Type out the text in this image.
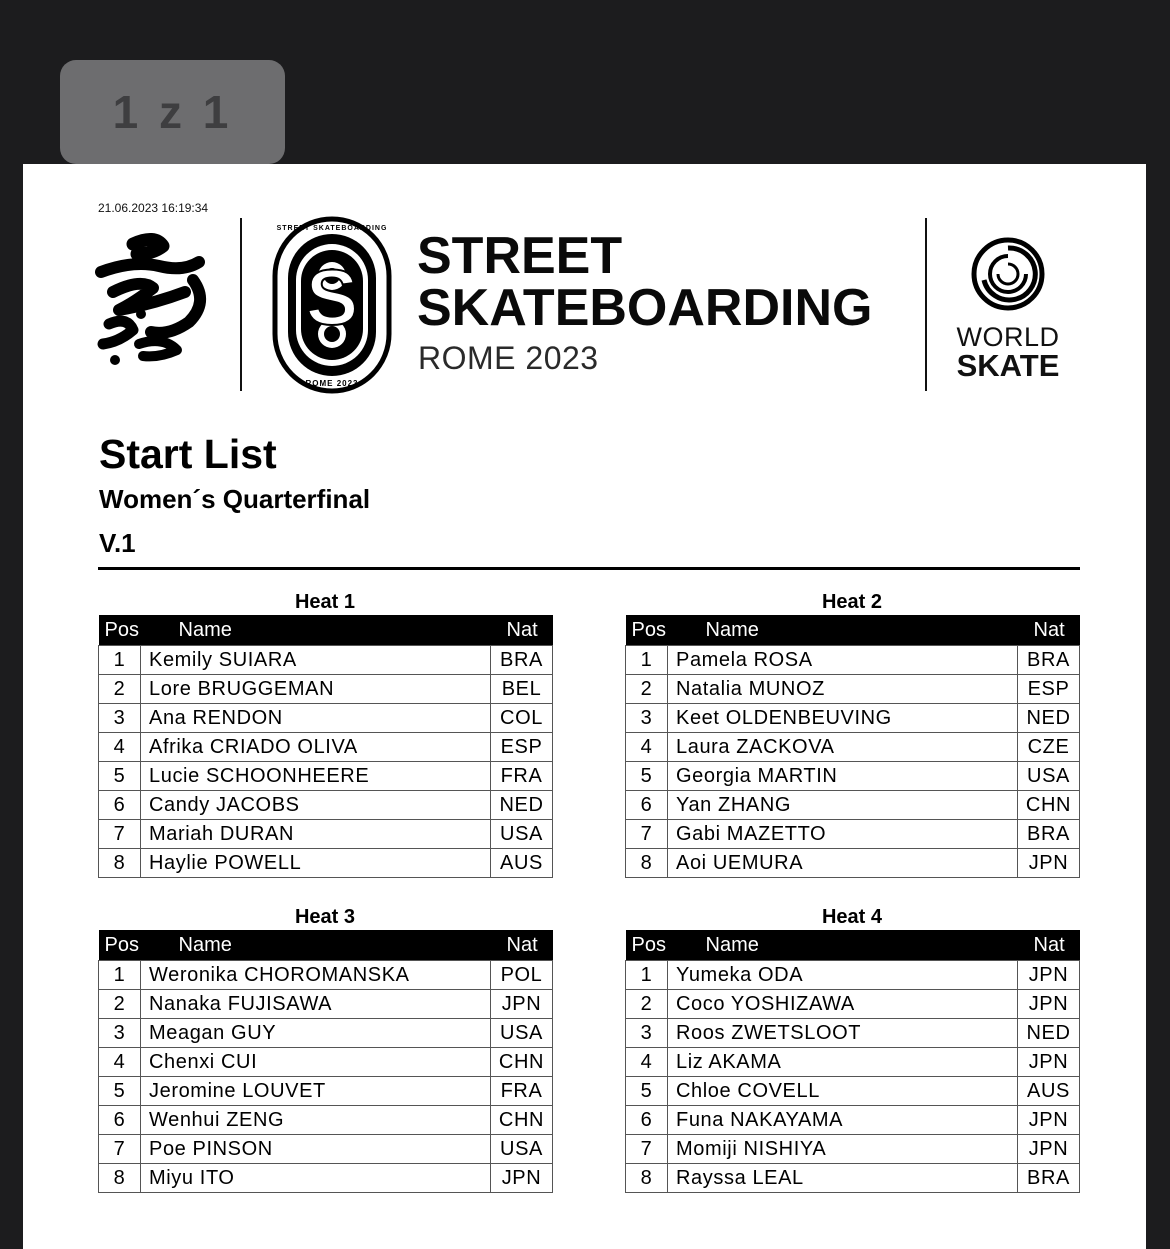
1 z 1
21.06.2023 16:19:34
S
STREET SKATEBOARDING
ROME 2023
STREET
SKATEBOARDING
ROME 2023
WORLD
SKATE
Start List
Women´s Quarterfinal
V.1
Heat 1
Pos	Name	Nat
1	Kemily SUIARA	BRA
2	Lore BRUGGEMAN	BEL
3	Ana RENDON	COL
4	Afrika CRIADO OLIVA	ESP
5	Lucie SCHOONHEERE	FRA
6	Candy JACOBS	NED
7	Mariah DURAN	USA
8	Haylie POWELL	AUS
Heat 2
Pos	Name	Nat
1	Pamela ROSA	BRA
2	Natalia MUNOZ	ESP
3	Keet OLDENBEUVING	NED
4	Laura ZACKOVA	CZE
5	Georgia MARTIN	USA
6	Yan ZHANG	CHN
7	Gabi MAZETTO	BRA
8	Aoi UEMURA	JPN
Heat 3
Pos	Name	Nat
1	Weronika CHOROMANSKA	POL
2	Nanaka FUJISAWA	JPN
3	Meagan GUY	USA
4	Chenxi CUI	CHN
5	Jeromine LOUVET	FRA
6	Wenhui ZENG	CHN
7	Poe PINSON	USA
8	Miyu ITO	JPN
Heat 4
Pos	Name	Nat
1	Yumeka ODA	JPN
2	Coco YOSHIZAWA	JPN
3	Roos ZWETSLOOT	NED
4	Liz AKAMA	JPN
5	Chloe COVELL	AUS
6	Funa NAKAYAMA	JPN
7	Momiji NISHIYA	JPN
8	Rayssa LEAL	BRA
